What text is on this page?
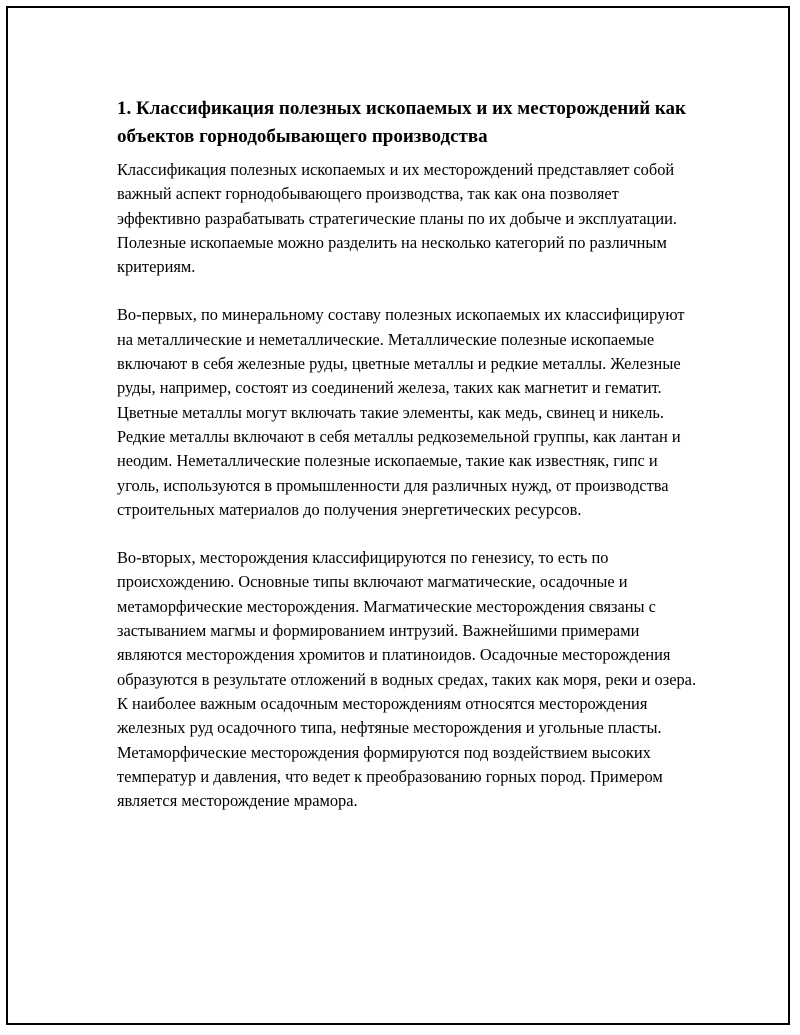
1. Классификация полезных ископаемых и их месторождений как объектов горнодобывающего производства

Классификация полезных ископаемых и их месторождений представляет собой важный аспект горнодобывающего производства, так как она позволяет эффективно разрабатывать стратегические планы по их добыче и эксплуатации. Полезные ископаемые можно разделить на несколько категорий по различным критериям.

Во-первых, по минеральному составу полезных ископаемых их классифицируют на металлические и неметаллические. Металлические полезные ископаемые включают в себя железные руды, цветные металлы и редкие металлы. Железные руды, например, состоят из соединений железа, таких как магнетит и гематит. Цветные металлы могут включать такие элементы, как медь, свинец и никель. Редкие металлы включают в себя металлы редкоземельной группы, как лантан и неодим. Неметаллические полезные ископаемые, такие как известняк, гипс и уголь, используются в промышленности для различных нужд, от производства строительных материалов до получения энергетических ресурсов.

Во-вторых, месторождения классифицируются по генезису, то есть по происхождению. Основные типы включают магматические, осадочные и метаморфические месторождения. Магматические месторождения связаны с застыванием магмы и формированием интрузий. Важнейшими примерами являются месторождения хромитов и платиноидов. Осадочные месторождения образуются в результате отложений в водных средах, таких как моря, реки и озера. К наиболее важным осадочным месторождениям относятся месторождения железных руд осадочного типа, нефтяные месторождения и угольные пласты. Метаморфические месторождения формируются под воздействием высоких температур и давления, что ведет к преобразованию горных пород. Примером является месторождение мрамора.
